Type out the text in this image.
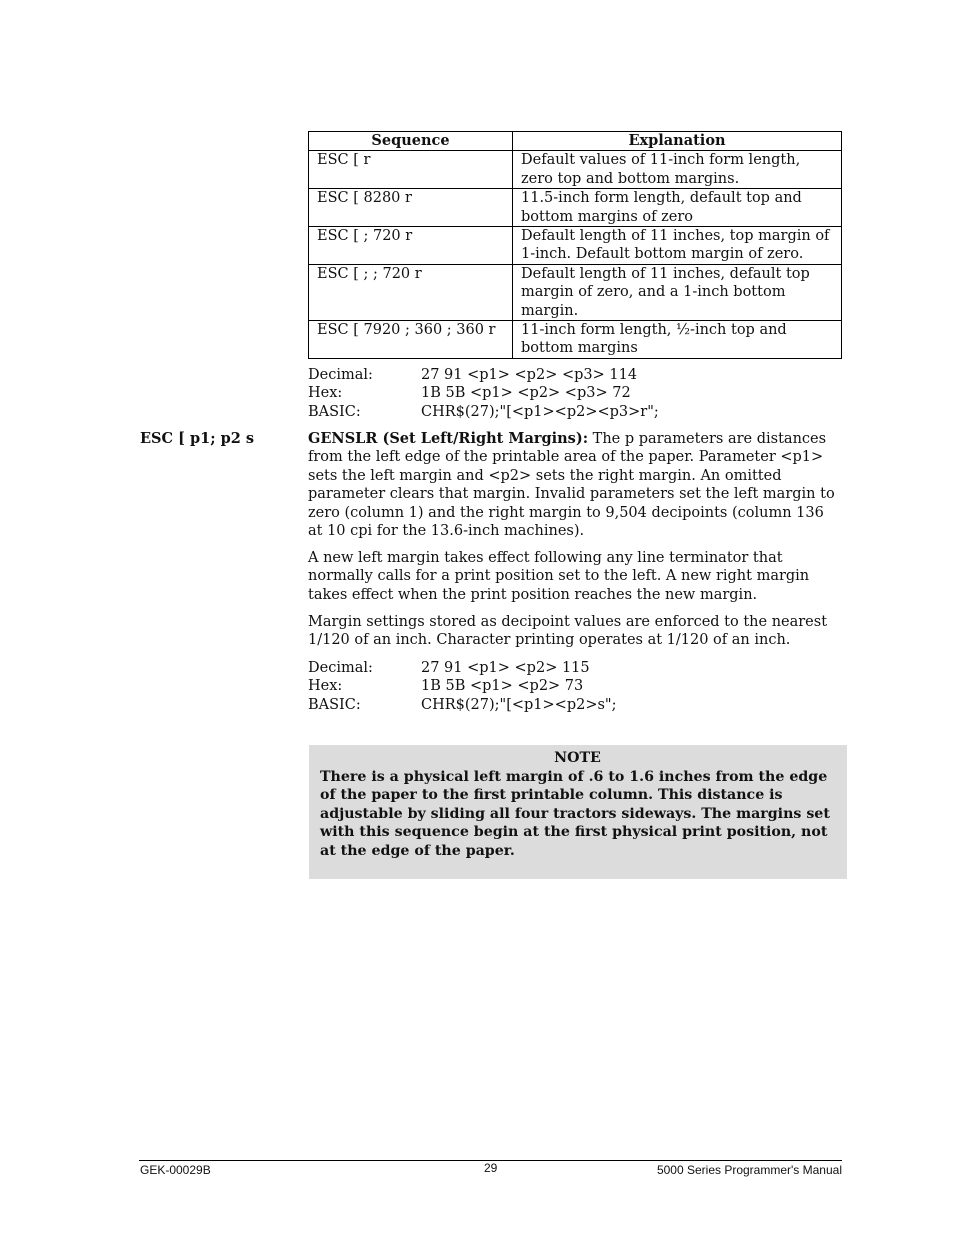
Sequence	Explanation
ESC [ r	Default values of 11-inch form length, zero top and bottom margins.
ESC [ 8280 r	11.5-inch form length, default top and bottom margins of zero
ESC [ ; 720 r	Default length of 11 inches, top margin of 1-inch. Default bottom margin of zero.
ESC [ ; ; 720 r	Default length of 11 inches, default top margin of zero, and a 1-inch bottom margin.
ESC [ 7920 ; 360 ; 360 r	11-inch form length, ½-inch top and bottom margins
Decimal:	27 91 <p1> <p2> <p3> 114
Hex:	1B 5B <p1> <p2> <p3> 72
BASIC:	CHR$(27);"[<p1><p2><p3>r";
ESC [ p1; p2 s	GENSLR (Set Left/Right Margins): The p parameters are distances from the left edge of the printable area of the paper. Parameter <p1> sets the left margin and <p2> sets the right margin. An omitted parameter clears that margin. Invalid parameters set the left margin to zero (column 1) and the right margin to 9,504 decipoints (column 136 at 10 cpi for the 13.6-inch machines).

A new left margin takes effect following any line terminator that normally calls for a print position set to the left. A new right margin takes effect when the print position reaches the new margin.

Margin settings stored as decipoint values are enforced to the nearest 1/120 of an inch. Character printing operates at 1/120 of an inch.

Decimal:	27 91 <p1> <p2> 115
Hex:	1B 5B <p1> <p2> 73
BASIC:	CHR$(27);"[<p1><p2>s";
NOTE
There is a physical left margin of .6 to 1.6 inches from the edge of the paper to the first printable column. This distance is adjustable by sliding all four tractors sideways. The margins set with this sequence begin at the first physical print position, not at the edge of the paper.
GEK-00029B	29	5000 Series Programmer's Manual
